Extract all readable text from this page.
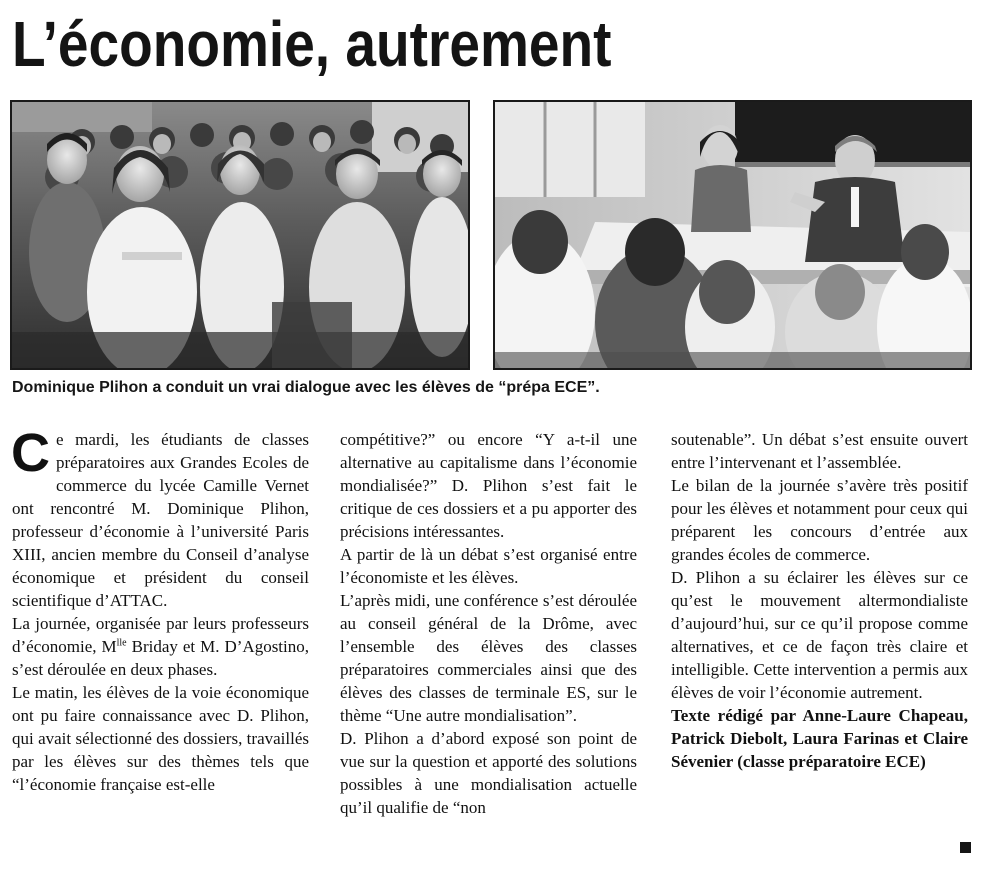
L’économie, autrement

Dominique Plihon a conduit un vrai dialogue avec les élèves de “prépa ECE”.

Ce mardi, les étudiants de classes préparatoires aux Grandes Ecoles de commerce du lycée Camille Vernet ont rencontré M. Dominique Plihon, professeur d’économie à l’université Paris XIII, ancien membre du Conseil d’analyse économique et président du conseil scientifique d’ATTAC.

La journée, organisée par leurs professeurs d’économie, $M^{lle}$ Briday et M. D’Agostino, s’est déroulée en deux phases.

Le matin, les élèves de la voie économique ont pu faire connaissance avec D. Plihon, qui avait sélectionné des dossiers, travaillés par les élèves sur des thèmes tels que “l’économie française est-elle

compétitive?” ou encore “Y a-t-il une alternative au capitalisme dans l’économie mondialisée?” D. Plihon s’est fait le critique de ces dossiers et a pu apporter des précisions intéressantes.

A partir de là un débat s’est organisé entre l’économiste et les élèves.

L’après midi, une conférence s’est déroulée au conseil général de la Drôme, avec l’ensemble des élèves des classes préparatoires commerciales ainsi que des élèves des classes de terminale ES, sur le thème “Une autre mondialisation”.

D. Plihon a d’abord exposé son point de vue sur la question et apporté des solutions possibles à une mondialisation actuelle qu’il qualifie de “non

soutenable”. Un débat s’est ensuite ouvert entre l’intervenant et l’assemblée.

Le bilan de la journée s’avère très positif pour les élèves et notamment pour ceux qui préparent les concours d’entrée aux grandes écoles de commerce.

D. Plihon a su éclairer les élèves sur ce qu’est le mouvement altermondialiste d’aujourd’hui, sur ce qu’il propose comme alternatives, et ce de façon très claire et intelligible. Cette intervention a permis aux élèves de voir l’économie autrement.

Texte rédigé par Anne-Laure Chapeau, Patrick Diebolt, Laura Farinas et Claire Sévenier (classe préparatoire ECE)
